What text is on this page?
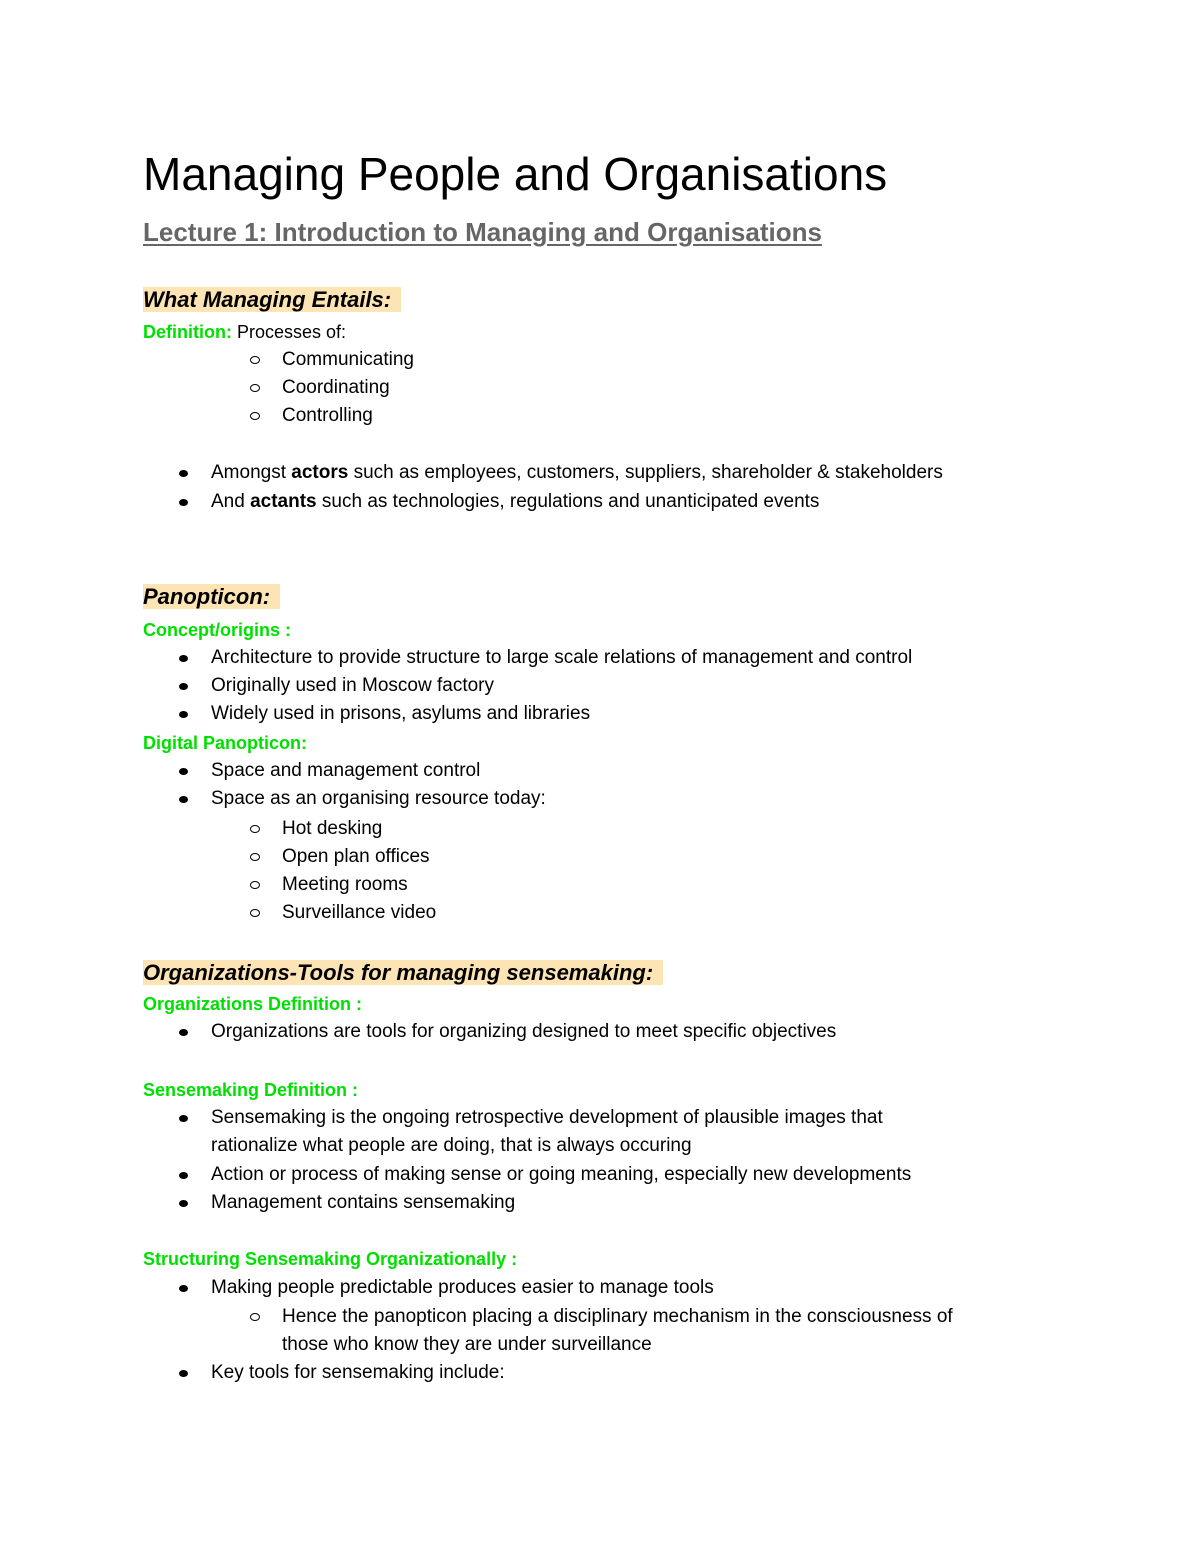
Managing People and Organisations
Lecture 1: Introduction to Managing and Organisations
What Managing Entails:
Definition: Processes of:
Communicating
Coordinating
Controlling
Amongst actors such as employees, customers, suppliers, shareholder & stakeholders
And actants such as technologies, regulations and unanticipated events
Panopticon:
Concept/origins :
Architecture to provide structure to large scale relations of management and control
Originally used in Moscow factory
Widely used in prisons, asylums and libraries
Digital Panopticon:
Space and management control
Space as an organising resource today:
Hot desking
Open plan offices
Meeting rooms
Surveillance video
Organizations-Tools for managing sensemaking:
Organizations Definition :
Organizations are tools for organizing designed to meet specific objectives
Sensemaking Definition :
Sensemaking is the ongoing retrospective development of plausible images that
rationalize what people are doing, that is always occuring
Action or process of making sense or going meaning, especially new developments
Management contains sensemaking
Structuring Sensemaking Organizationally :
Making people predictable produces easier to manage tools
Hence the panopticon placing a disciplinary mechanism in the consciousness of
those who know they are under surveillance
Key tools for sensemaking include:
